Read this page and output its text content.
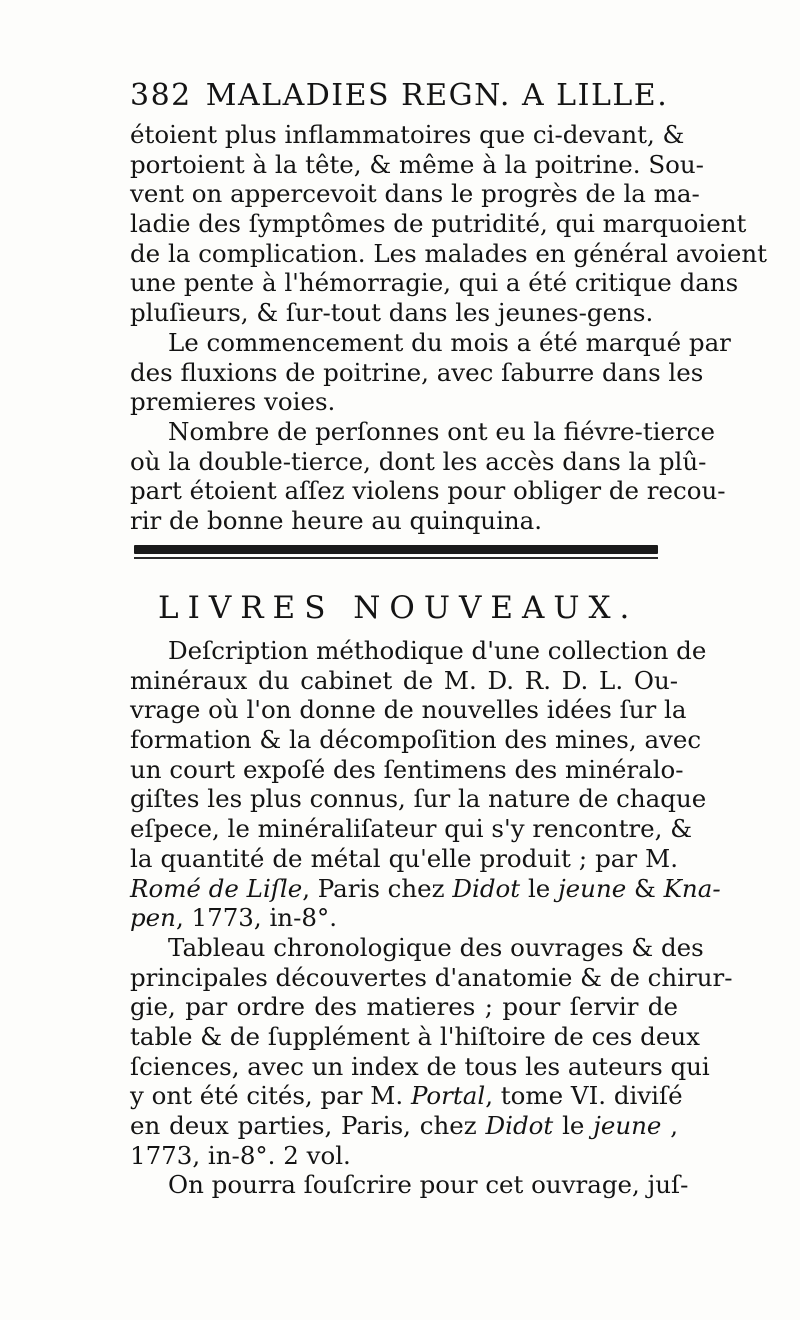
382 MALADIES REGN. A LILLE.
étoient plus inflammatoires que ci-devant, &
portoient à la tête, & même à la poitrine. Sou-
vent on appercevoit dans le progrès de la ma-
ladie des ſymptômes de putridité, qui marquoient
de la complication. Les malades en général avoient
une pente à l'hémorragie, qui a été critique dans
pluſieurs, & ſur-tout dans les jeunes-gens.
Le commencement du mois a été marqué par
des fluxions de poitrine, avec ſaburre dans les
premieres voies.
Nombre de perſonnes ont eu la fiévre-tierce
où la double-tierce, dont les accès dans la plû-
part étoient aſſez violens pour obliger de recou-
rir de bonne heure au quinquina.
LIVRES NOUVEAUX.
Deſcription méthodique d'une collection de
minéraux du cabinet de M. D. R. D. L. Ou-
vrage où l'on donne de nouvelles idées ſur la
formation & la décompoſition des mines, avec
un court expoſé des ſentimens des minéralo-
giſtes les plus connus, ſur la nature de chaque
eſpece, le minéraliſateur qui s'y rencontre, &
la quantité de métal qu'elle produit ; par M.
Romé de Liſle, Paris chez Didot le jeune & Kna-
pen, 1773, in-8°.
Tableau chronologique des ouvrages & des
principales découvertes d'anatomie & de chirur-
gie, par ordre des matieres ; pour ſervir de
table & de ſupplément à l'hiſtoire de ces deux
ſciences, avec un index de tous les auteurs qui
y ont été cités, par M. Portal, tome VI. diviſé
en deux parties, Paris, chez Didot le jeune ,
1773, in-8°. 2 vol.
On pourra ſouſcrire pour cet ouvrage, juſ-
